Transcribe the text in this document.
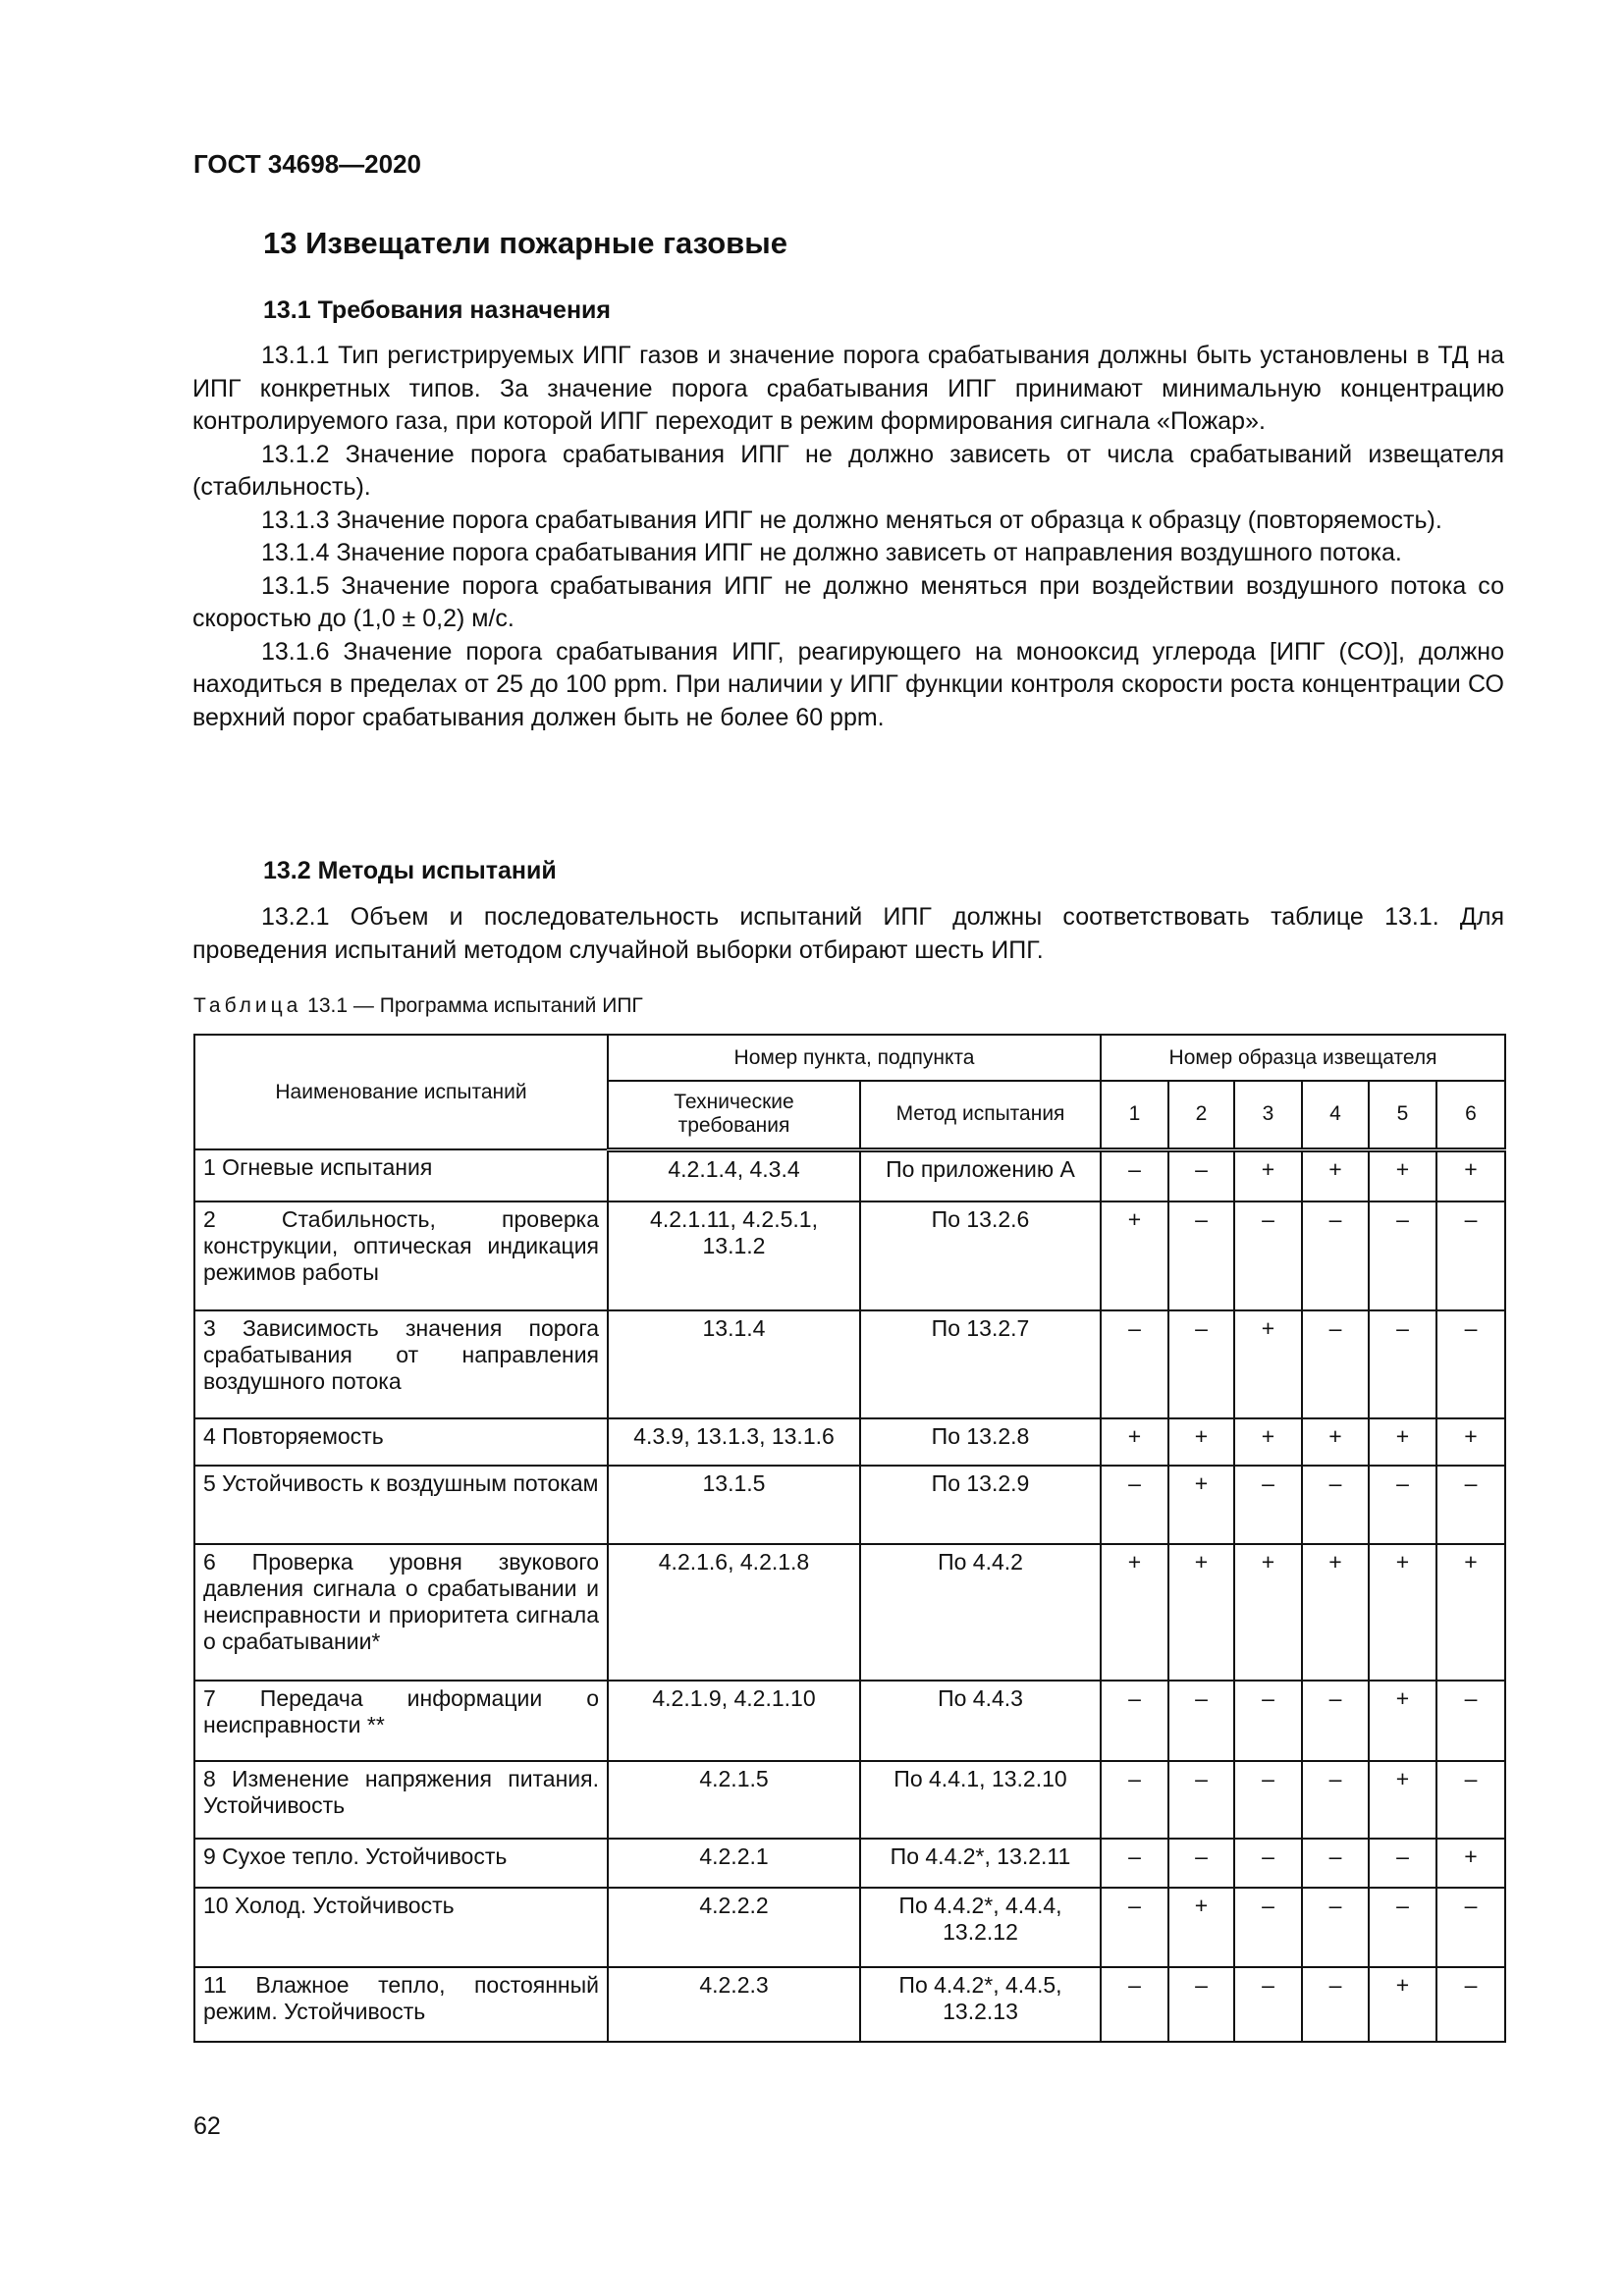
ГОСТ 34698—2020
13 Извещатели пожарные газовые
13.1 Требования назначения

13.1.1 Тип регистрируемых ИПГ газов и значение порога срабатывания должны быть установлены в ТД на ИПГ конкретных типов. За значение порога срабатывания ИПГ принимают минимальную концентрацию контролируемого газа, при которой ИПГ переходит в режим формирования сигнала «Пожар».

13.1.2 Значение порога срабатывания ИПГ не должно зависеть от числа срабатываний извещателя (стабильность).

13.1.3 Значение порога срабатывания ИПГ не должно меняться от образца к образцу (повторяемость).

13.1.4 Значение порога срабатывания ИПГ не должно зависеть от направления воздушного потока.

13.1.5 Значение порога срабатывания ИПГ не должно меняться при воздействии воздушного потока со скоростью до (1,0 ± 0,2) м/с.

13.1.6 Значение порога срабатывания ИПГ, реагирующего на монооксид углерода [ИПГ (СО)], должно находиться в пределах от 25 до 100 ppm. При наличии у ИПГ функции контроля скорости роста концентрации СО верхний порог срабатывания должен быть не более 60 ppm.

13.2 Методы испытаний

13.2.1 Объем и последовательность испытаний ИПГ должны соответствовать таблице 13.1. Для проведения испытаний методом случайной выборки отбирают шесть ИПГ.

Таблица 13.1 — Программа испытаний ИПГ
Наименование испытаний	Номер пункта, подпункта		Номер образца извещателя					
	Технические требования	Метод испытания	1	2	3	4	5	6
1 Огневые испытания	4.2.1.4, 4.3.4	По приложению А	–	–	+	+	+	+
2 Стабильность, проверка конструкции, оптическая индикация режимов работы	4.2.1.11, 4.2.5.1, 13.1.2	По 13.2.6	+	–	–	–	–	–
3 Зависимость значения порога срабатывания от направления воздушного потока	13.1.4	По 13.2.7	–	–	+	–	–	–
4 Повторяемость	4.3.9, 13.1.3, 13.1.6	По 13.2.8	+	+	+	+	+	+
5 Устойчивость к воздушным потокам	13.1.5	По 13.2.9	–	+	–	–	–	–
6 Проверка уровня звукового давления сигнала о срабатывании и неисправности и приоритета сигнала о срабатывании*	4.2.1.6, 4.2.1.8	По 4.4.2	+	+	+	+	+	+
7 Передача информации о неисправности **	4.2.1.9, 4.2.1.10	По 4.4.3	–	–	–	–	+	–
8 Изменение напряжения питания. Устойчивость	4.2.1.5	По 4.4.1, 13.2.10	–	–	–	–	+	–
9 Сухое тепло. Устойчивость	4.2.2.1	По 4.4.2*, 13.2.11	–	–	–	–	–	+
10 Холод. Устойчивость	4.2.2.2	По 4.4.2*, 4.4.4, 13.2.12	–	+	–	–	–	–
11 Влажное тепло, постоянный режим. Устойчивость	4.2.2.3	По 4.4.2*, 4.4.5, 13.2.13	–	–	–	–	+	–
62
